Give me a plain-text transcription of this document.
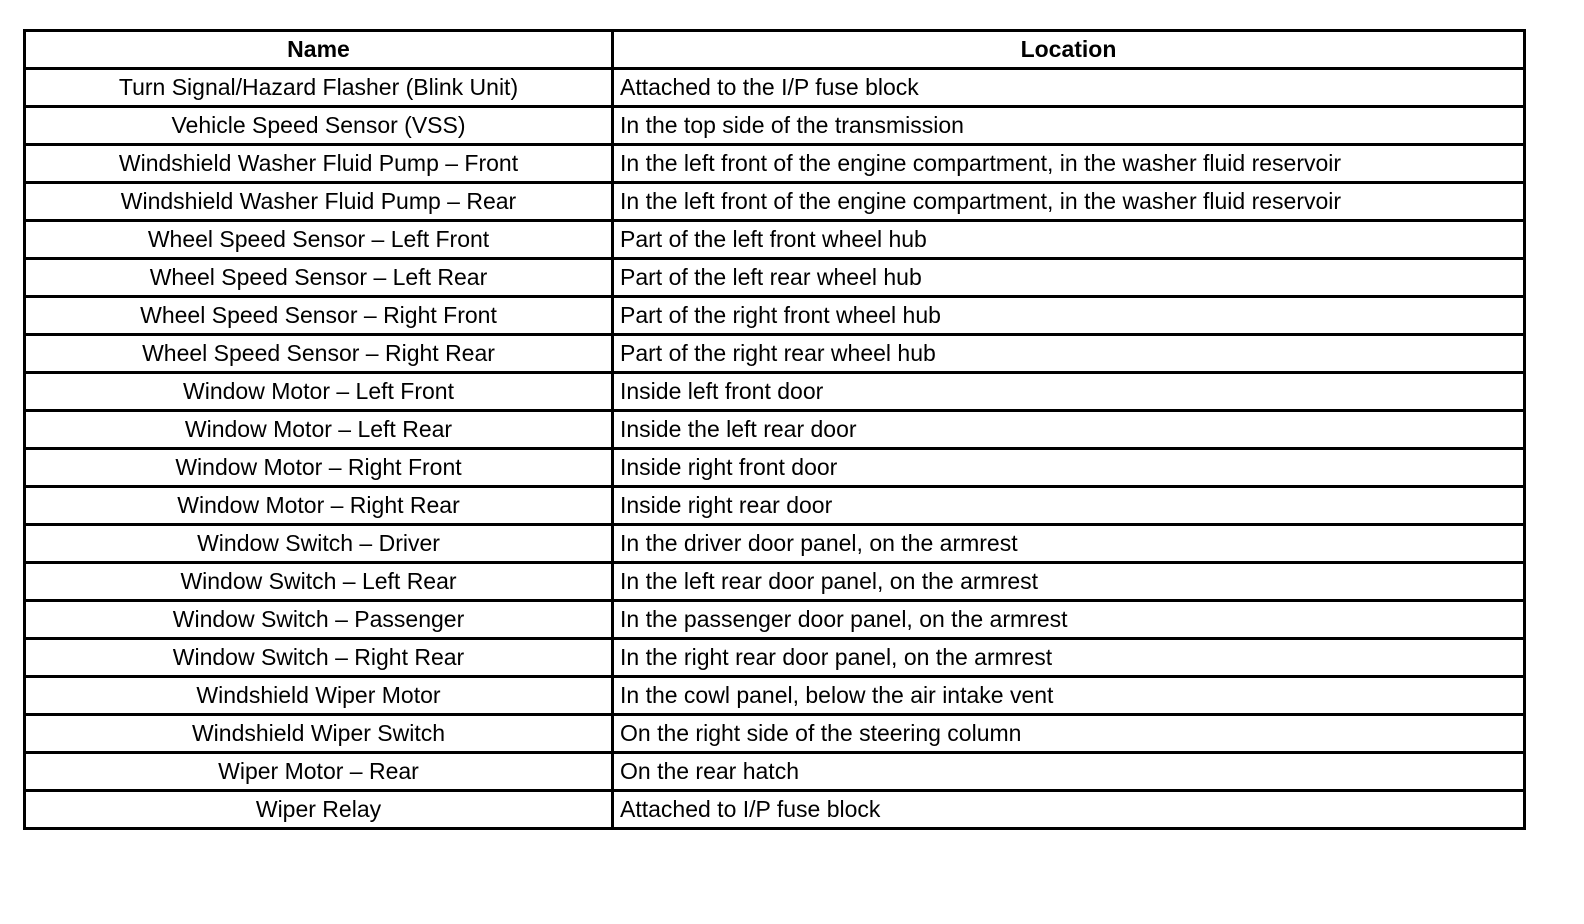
Name	Location
Turn Signal/Hazard Flasher (Blink Unit)	Attached to the I/P fuse block
Vehicle Speed Sensor (VSS)	In the top side of the transmission
Windshield Washer Fluid Pump – Front	In the left front of the engine compartment, in the washer fluid reservoir
Windshield Washer Fluid Pump – Rear	In the left front of the engine compartment, in the washer fluid reservoir
Wheel Speed Sensor – Left Front	Part of the left front wheel hub
Wheel Speed Sensor – Left Rear	Part of the left rear wheel hub
Wheel Speed Sensor – Right Front	Part of the right front wheel hub
Wheel Speed Sensor – Right Rear	Part of the right rear wheel hub
Window Motor – Left Front	Inside left front door
Window Motor – Left Rear	Inside the left rear door
Window Motor – Right Front	Inside right front door
Window Motor – Right Rear	Inside right rear door
Window Switch – Driver	In the driver door panel, on the armrest
Window Switch – Left Rear	In the left rear door panel, on the armrest
Window Switch – Passenger	In the passenger door panel, on the armrest
Window Switch – Right Rear	In the right rear door panel, on the armrest
Windshield Wiper Motor	In the cowl panel, below the air intake vent
Windshield Wiper Switch	On the right side of the steering column
Wiper Motor – Rear	On the rear hatch
Wiper Relay	Attached to I/P fuse block
